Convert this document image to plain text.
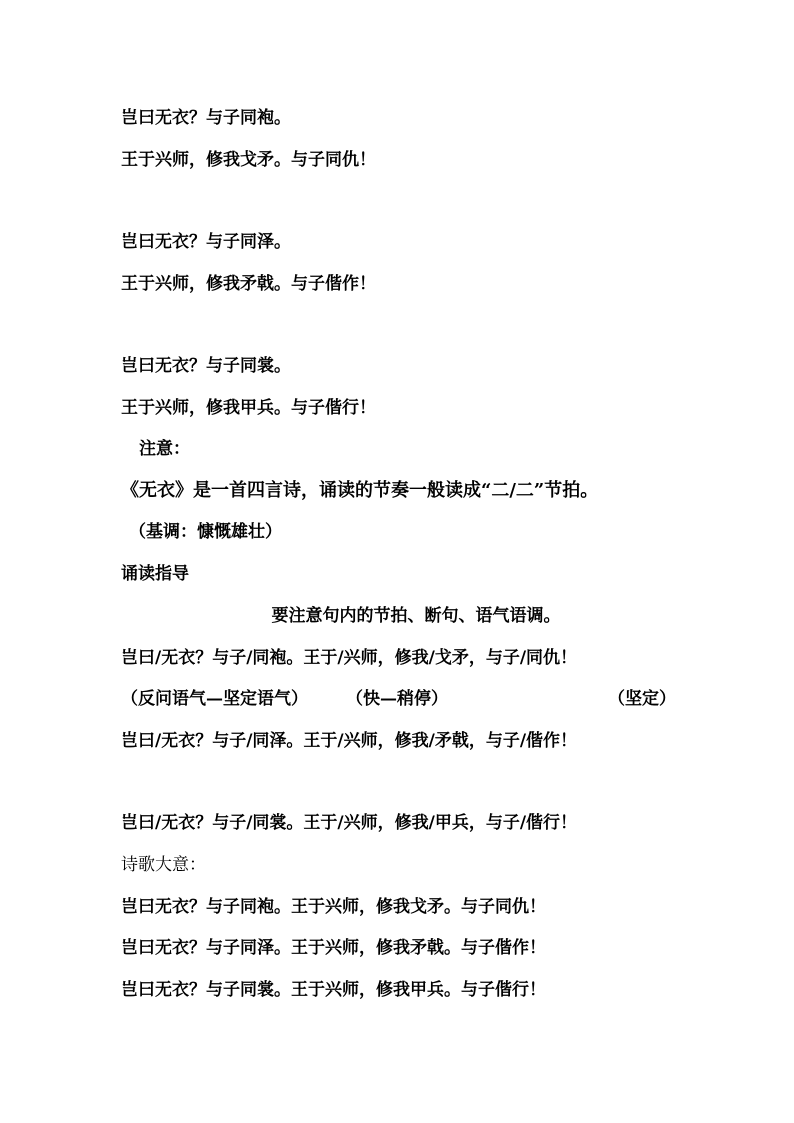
岂曰无衣？与子同袍。
王于兴师，修我戈矛。与子同仇！
岂曰无衣？与子同泽。
王于兴师，修我矛戟。与子偕作！
岂曰无衣？与子同裳。
王于兴师，修我甲兵。与子偕行！
注意：
《无衣》是一首四言诗，诵读的节奏一般读成“二/二”节拍。
（基调：慷慨雄壮）
诵读指导
要注意句内的节拍、断句、语气语调。
岂曰/无衣？与子/同袍。王于/兴师，修我/戈矛，与子/同仇！
（反问语气—坚定语气） （快—稍停）	（坚定）
岂曰/无衣？与子/同泽。王于/兴师，修我/矛戟，与子/偕作！
岂曰/无衣？与子/同裳。王于/兴师，修我/甲兵，与子/偕行！
诗歌大意：
岂曰无衣？与子同袍。王于兴师，修我戈矛。与子同仇！
岂曰无衣？与子同泽。王于兴师，修我矛戟。与子偕作！
岂曰无衣？与子同裳。王于兴师，修我甲兵。与子偕行！
